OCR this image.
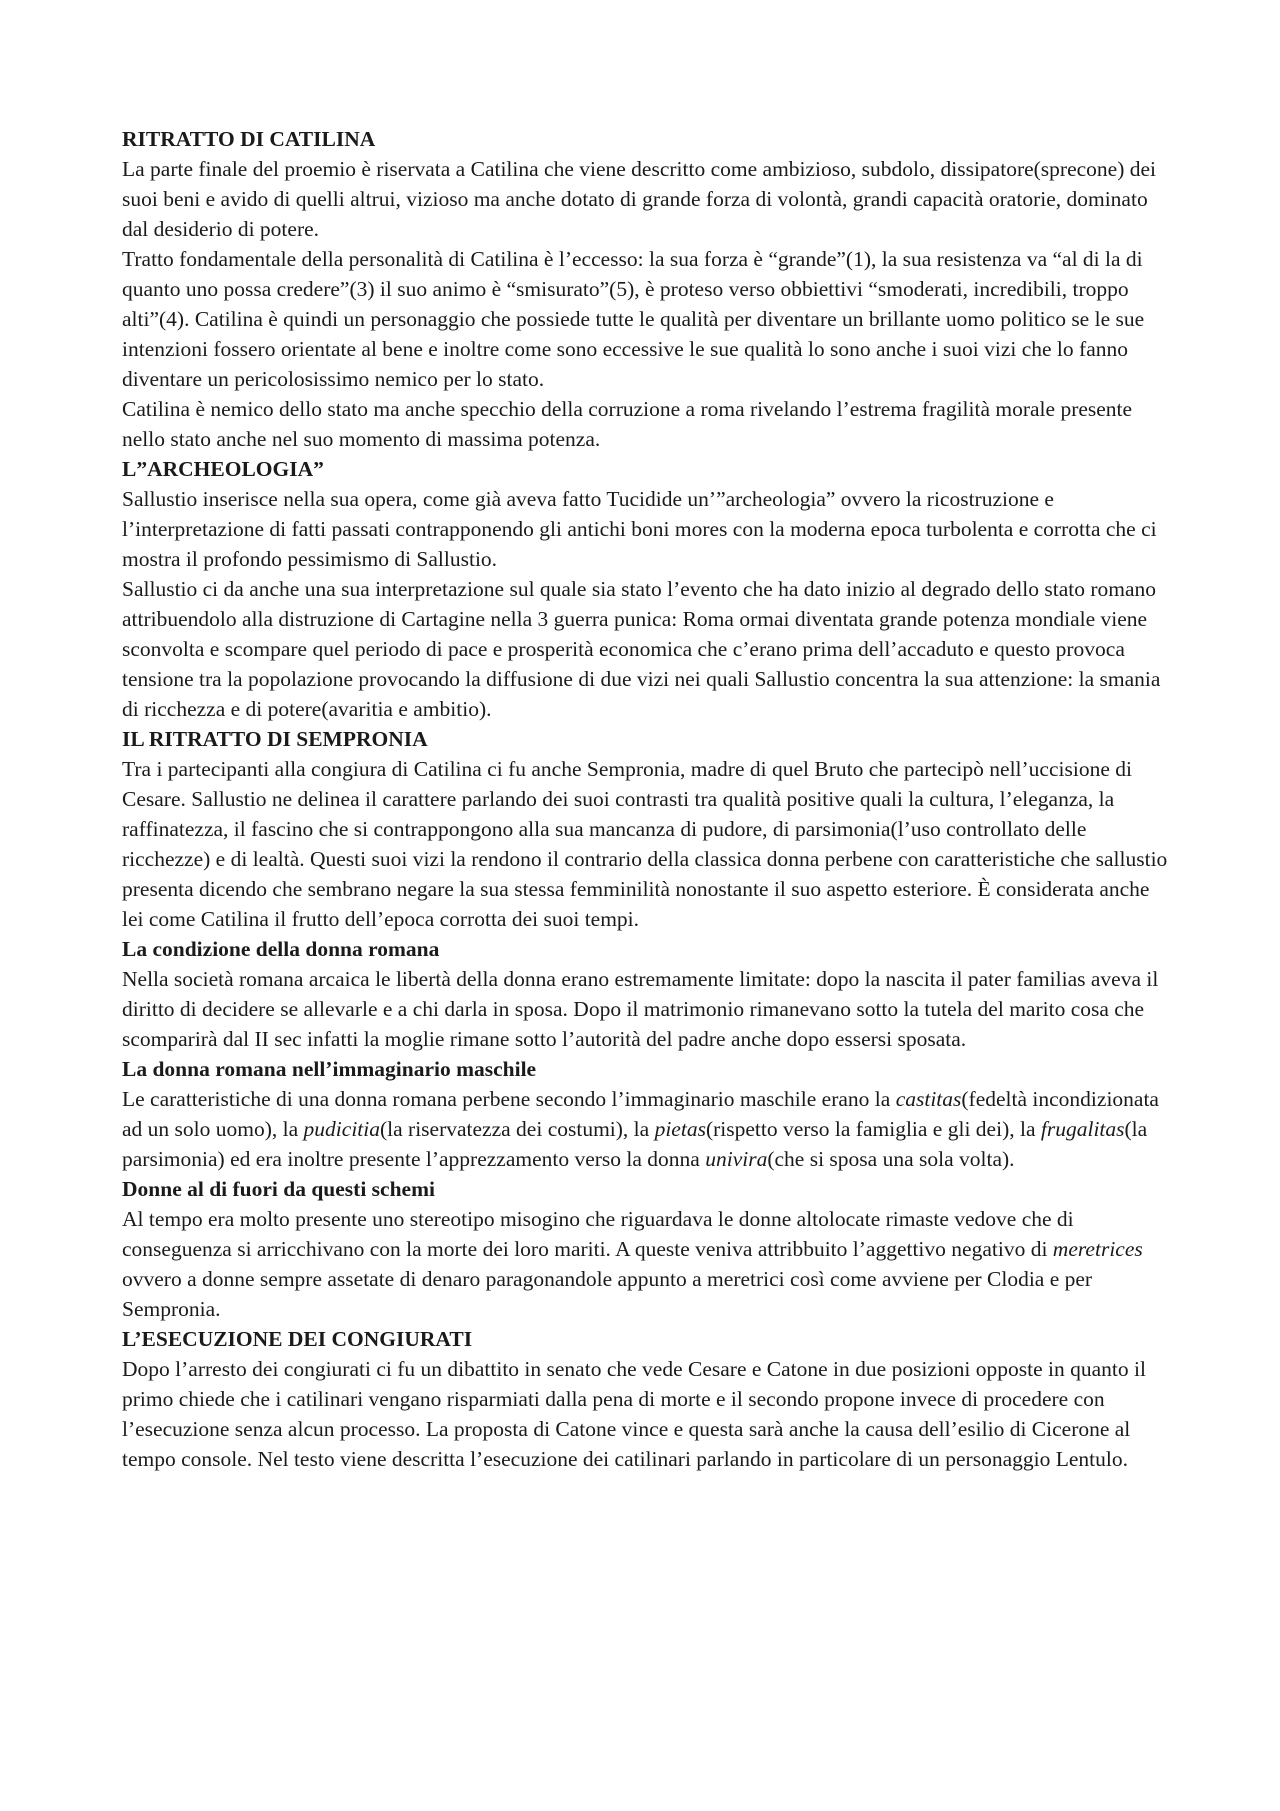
RITRATTO DI CATILINA
La parte finale del proemio è riservata a Catilina che viene descritto come ambizioso, subdolo, dissipatore(sprecone) dei suoi beni e avido di quelli altrui, vizioso ma anche dotato di grande forza di volontà, grandi capacità oratorie, dominato dal desiderio di potere.
Tratto fondamentale della personalità di Catilina è l’eccesso: la sua forza è “grande”(1), la sua resistenza va “al di la di quanto uno possa credere”(3) il suo animo è “smisurato”(5), è proteso verso obbiettivi “smoderati, incredibili, troppo alti”(4). Catilina è quindi un personaggio che possiede tutte le qualità per diventare un brillante uomo politico se le sue intenzioni fossero orientate al bene e inoltre come sono eccessive le sue qualità lo sono anche i suoi vizi che lo fanno diventare un pericolosissimo nemico per lo stato.
Catilina è nemico dello stato ma anche specchio della corruzione a roma rivelando l’estrema fragilità morale presente nello stato anche nel suo momento di massima potenza.
L”ARCHEOLOGIA”
Sallustio inserisce nella sua opera, come già aveva fatto Tucidide un’”archeologia” ovvero la ricostruzione e l’interpretazione di fatti passati contrapponendo gli antichi boni mores con la moderna epoca turbolenta e corrotta che ci mostra il profondo pessimismo di Sallustio.
Sallustio ci da anche una sua interpretazione sul quale sia stato l’evento che ha dato inizio al degrado dello stato romano attribuendolo alla distruzione di Cartagine nella 3 guerra punica: Roma ormai diventata grande potenza mondiale viene sconvolta e scompare quel periodo di pace e prosperità economica che c’erano prima dell’accaduto e questo provoca tensione tra la popolazione provocando la diffusione di due vizi nei quali Sallustio concentra la sua attenzione: la smania di ricchezza e di potere(avaritia e ambitio).
IL RITRATTO DI SEMPRONIA
Tra i partecipanti alla congiura di Catilina ci fu anche Sempronia, madre di quel Bruto che partecipò nell’uccisione di Cesare. Sallustio ne delinea il carattere parlando dei suoi contrasti tra qualità positive quali la cultura, l’eleganza, la raffinatezza, il fascino che si contrappongono alla sua mancanza di pudore, di parsimonia(l’uso controllato delle ricchezze) e di lealtà. Questi suoi vizi la rendono il contrario della classica donna perbene con caratteristiche che sallustio presenta dicendo che sembrano negare la sua stessa femminilità nonostante il suo aspetto esteriore. È considerata anche lei come Catilina il frutto dell’epoca corrotta dei suoi tempi.
La condizione della donna romana
Nella società romana arcaica le libertà della donna erano estremamente limitate: dopo la nascita il pater familias aveva il diritto di decidere se allevarle e a chi darla in sposa. Dopo il matrimonio rimanevano sotto la tutela del marito cosa che scomparirà dal II sec infatti la moglie rimane sotto l’autorità del padre anche dopo essersi sposata.
La donna romana nell’immaginario maschile
Le caratteristiche di una donna romana perbene secondo l’immaginario maschile erano la castitas(fedeltà incondizionata ad un solo uomo), la pudicitia(la riservatezza dei costumi), la pietas(rispetto verso la famiglia e gli dei), la frugalitas(la parsimonia) ed era inoltre presente l’apprezzamento verso la donna univira(che si sposa una sola volta).
Donne al di fuori da questi schemi
Al tempo era molto presente uno stereotipo misogino che riguardava le donne altolocate rimaste vedove che di conseguenza si arricchivano con la morte dei loro mariti. A queste veniva attribbuito l’aggettivo negativo di meretrices ovvero a donne sempre assetate di denaro paragonandole appunto a meretrici così come avviene per Clodia e per Sempronia.
L’ESECUZIONE DEI CONGIURATI
Dopo l’arresto dei congiurati ci fu un dibattito in senato che vede Cesare e Catone in due posizioni opposte in quanto il primo chiede che i catilinari vengano risparmiati dalla pena di morte e il secondo propone invece di procedere con l’esecuzione senza alcun processo. La proposta di Catone vince e questa sarà anche la causa dell’esilio di Cicerone al tempo console. Nel testo viene descritta l’esecuzione dei catilinari parlando in particolare di un personaggio Lentulo.
